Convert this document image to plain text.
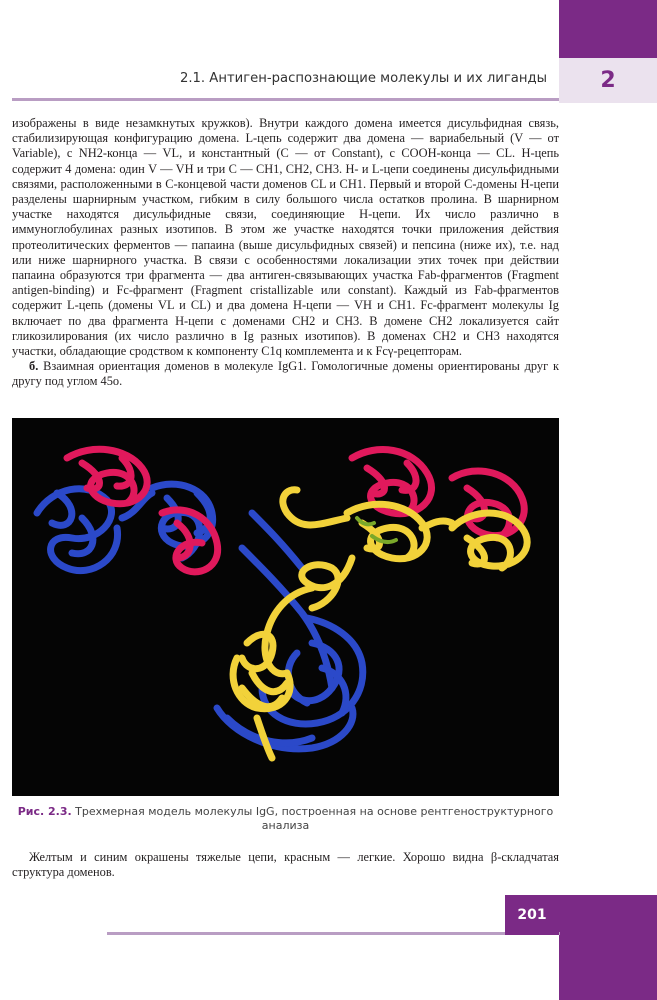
2
2.1. Антиген-распознающие молекулы и их лиганды

изображены в виде незамкнутых кружков). Внутри каждого домена имеется дисульфидная связь, стабилизирующая конфигурацию домена. L-цепь содержит два домена — вариабельный (V — от Variable), с NH2-конца — VL, и константный (C — от Constant), с COOH-конца — CL. H-цепь содержит 4 домена: один V — VH и три C — CH1, CH2, CH3. H- и L-цепи соединены дисульфидными связями, расположенными в C-концевой части доменов CL и CH1. Первый и второй C-домены H-цепи разделены шарнирным участком, гибким в силу большого числа остатков пролина. В шарнирном участке находятся дисульфидные связи, соединяющие H-цепи. Их число различно в иммуноглобулинах разных изотипов. В этом же участке находятся точки приложения действия протеолитических ферментов — папаина (выше дисульфидных связей) и пепсина (ниже их), т.е. над или ниже шарнирного участка. В связи с особенностями локализации этих точек при действии папаина образуются три фрагмента — два антиген-связывающих участка Fab-фрагментов (Fragment antigen-binding) и Fc-фрагмент (Fragment cristallizable или constant). Каждый из Fab-фрагментов содержит L-цепь (домены VL и CL) и два домена H-цепи — VH и CH1. Fc-фрагмент молекулы Ig включает по два фрагмента H-цепи с доменами CH2 и CH3. В домене CH2 локализуется сайт гликозилирования (их число различно в Ig разных изотипов). В доменах CH2 и CH3 находятся участки, обладающие сродством к компоненту C1q комплемента и к Fcγ-рецепторам.

б. Взаимная ориентация доменов в молекуле IgG1. Гомологичные домены ориентированы друг к другу под углом 45o.

Рис. 2.3. Трехмерная модель молекулы IgG, построенная на основе рентгеноструктурного анализа
Желтым и синим окрашены тяжелые цепи, красным — легкие. Хорошо видна β-складчатая структура доменов.
201
